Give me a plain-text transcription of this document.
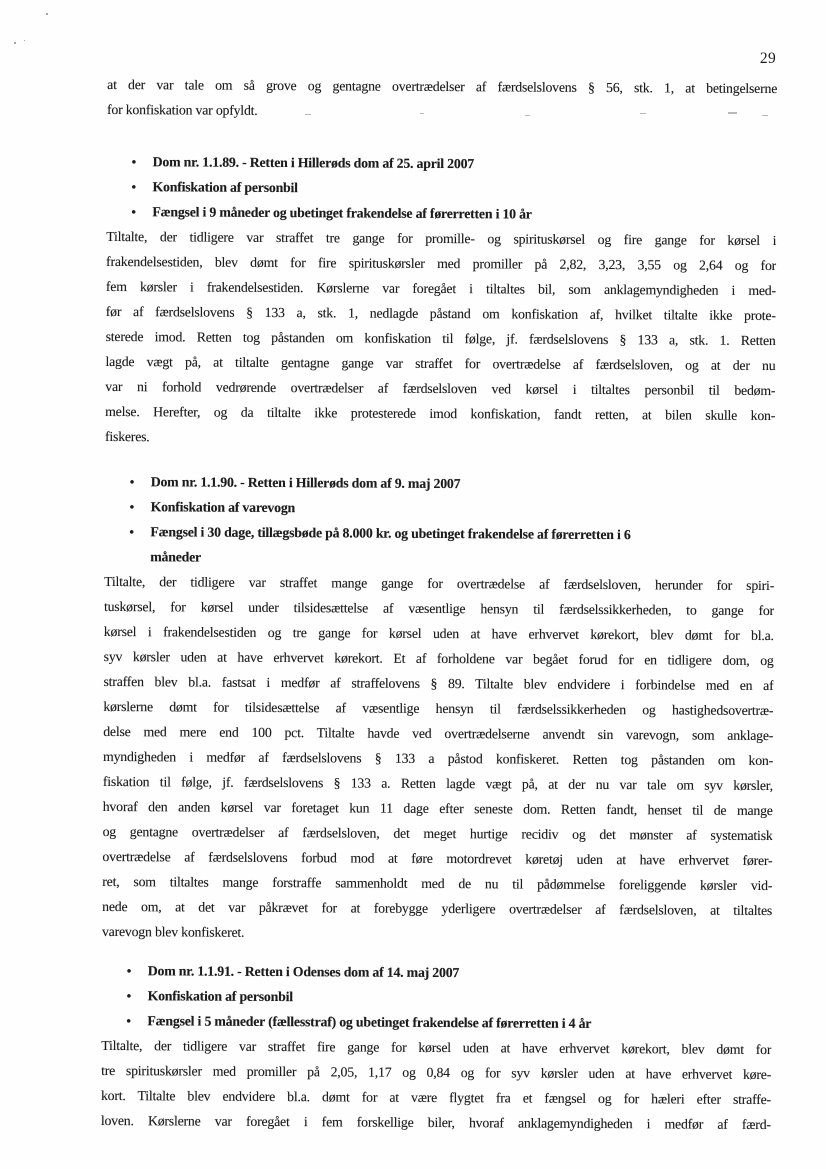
29
at der var tale om så grove og gentagne overtrædelser af færdselslovens § 56, stk. 1, at betingelserne
for konfiskation var opfyldt.
• Dom nr. 1.1.89. - Retten i Hillerøds dom af 25. april 2007
• Konfiskation af personbil
• Fængsel i 9 måneder og ubetinget frakendelse af førerretten i 10 år
Tiltalte, der tidligere var straffet tre gange for promille- og spirituskørsel og fire gange for kørsel i
frakendelsestiden, blev dømt for fire spirituskørsler med promiller på 2,82, 3,23, 3,55 og 2,64 og for
fem kørsler i frakendelsestiden. Kørslerne var foregået i tiltaltes bil, som anklagemyndigheden i med-
før af færdselslovens § 133 a, stk. 1, nedlagde påstand om konfiskation af, hvilket tiltalte ikke prote-
sterede imod. Retten tog påstanden om konfiskation til følge, jf. færdselslovens § 133 a, stk. 1. Retten
lagde vægt på, at tiltalte gentagne gange var straffet for overtrædelse af færdselsloven, og at der nu
var ni forhold vedrørende overtrædelser af færdselsloven ved kørsel i tiltaltes personbil til bedøm-
melse. Herefter, og da tiltalte ikke protesterede imod konfiskation, fandt retten, at bilen skulle kon-
fiskeres.
• Dom nr. 1.1.90. - Retten i Hillerøds dom af 9. maj 2007
• Konfiskation af varevogn
• Fængsel i 30 dage, tillægsbøde på 8.000 kr. og ubetinget frakendelse af førerretten i 6
måneder
Tiltalte, der tidligere var straffet mange gange for overtrædelse af færdselsloven, herunder for spiri-
tuskørsel, for kørsel under tilsidesættelse af væsentlige hensyn til færdselssikkerheden, to gange for
kørsel i frakendelsestiden og tre gange for kørsel uden at have erhvervet kørekort, blev dømt for bl.a.
syv kørsler uden at have erhvervet kørekort. Et af forholdene var begået forud for en tidligere dom, og
straffen blev bl.a. fastsat i medfør af straffelovens § 89. Tiltalte blev endvidere i forbindelse med en af
kørslerne dømt for tilsidesættelse af væsentlige hensyn til færdselssikkerheden og hastighedsovertræ-
delse med mere end 100 pct. Tiltalte havde ved overtrædelserne anvendt sin varevogn, som anklage-
myndigheden i medfør af færdselslovens § 133 a påstod konfiskeret. Retten tog påstanden om kon-
fiskation til følge, jf. færdselslovens § 133 a. Retten lagde vægt på, at der nu var tale om syv kørsler,
hvoraf den anden kørsel var foretaget kun 11 dage efter seneste dom. Retten fandt, henset til de mange
og gentagne overtrædelser af færdselsloven, det meget hurtige recidiv og det mønster af systematisk
overtrædelse af færdselslovens forbud mod at føre motordrevet køretøj uden at have erhvervet fører-
ret, som tiltaltes mange forstraffe sammenholdt med de nu til pådømmelse foreliggende kørsler vid-
nede om, at det var påkrævet for at forebygge yderligere overtrædelser af færdselsloven, at tiltaltes
varevogn blev konfiskeret.
• Dom nr. 1.1.91. - Retten i Odenses dom af 14. maj 2007
• Konfiskation af personbil
• Fængsel i 5 måneder (fællesstraf) og ubetinget frakendelse af førerretten i 4 år
Tiltalte, der tidligere var straffet fire gange for kørsel uden at have erhvervet kørekort, blev dømt for
tre spirituskørsler med promiller på 2,05, 1,17 og 0,84 og for syv kørsler uden at have erhvervet køre-
kort. Tiltalte blev endvidere bl.a. dømt for at være flygtet fra et fængsel og for hæleri efter straffe-
loven. Kørslerne var foregået i fem forskellige biler, hvoraf anklagemyndigheden i medfør af færd-
